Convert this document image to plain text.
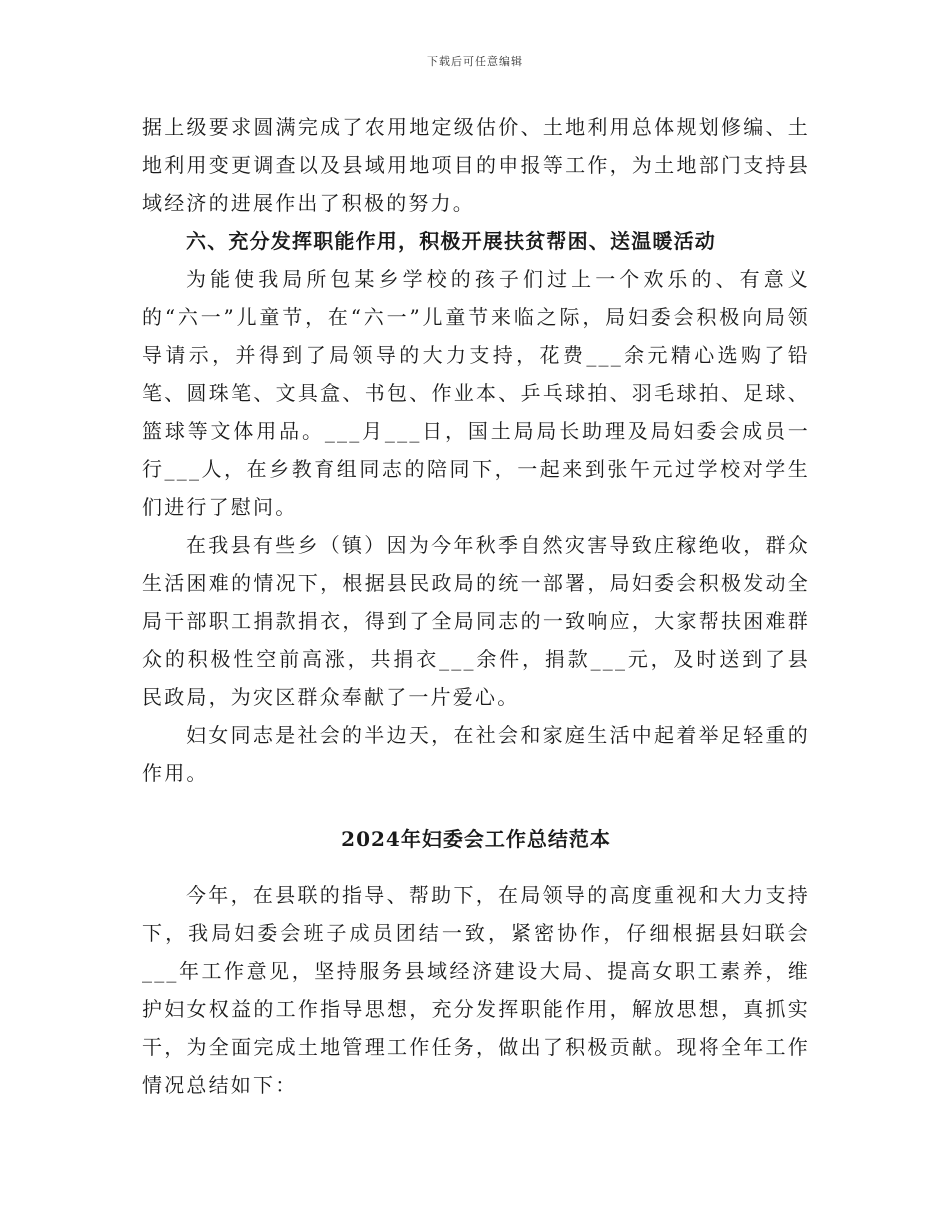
下载后可任意编辑

据上级要求圆满完成了农用地定级估价、土地利用总体规划修编、土地利用变更调查以及县域用地项目的申报等工作，为土地部门支持县域经济的进展作出了积极的努力。

六、充分发挥职能作用，积极开展扶贫帮困、送温暖活动

为能使我局所包某乡学校的孩子们过上一个欢乐的、有意义的“六一”儿童节，在“六一”儿童节来临之际，局妇委会积极向局领导请示，并得到了局领导的大力支持，花费___余元精心选购了铅笔、圆珠笔、文具盒、书包、作业本、乒乓球拍、羽毛球拍、足球、篮球等文体用品。___月___日，国土局局长助理及局妇委会成员一行___人，在乡教育组同志的陪同下，一起来到张午元过学校对学生们进行了慰问。

在我县有些乡（镇）因为今年秋季自然灾害导致庄稼绝收，群众生活困难的情况下，根据县民政局的统一部署，局妇委会积极发动全局干部职工捐款捐衣，得到了全局同志的一致响应，大家帮扶困难群众的积极性空前高涨，共捐衣___余件，捐款___元，及时送到了县民政局，为灾区群众奉献了一片爱心。

妇女同志是社会的半边天，在社会和家庭生活中起着举足轻重的作用。

2024年妇委会工作总结范本

今年，在县联的指导、帮助下，在局领导的高度重视和大力支持下，我局妇委会班子成员团结一致，紧密协作，仔细根据县妇联会___年工作意见，坚持服务县域经济建设大局、提高女职工素养，维护妇女权益的工作指导思想，充分发挥职能作用，解放思想，真抓实干，为全面完成土地管理工作任务，做出了积极贡献。现将全年工作情况总结如下：
